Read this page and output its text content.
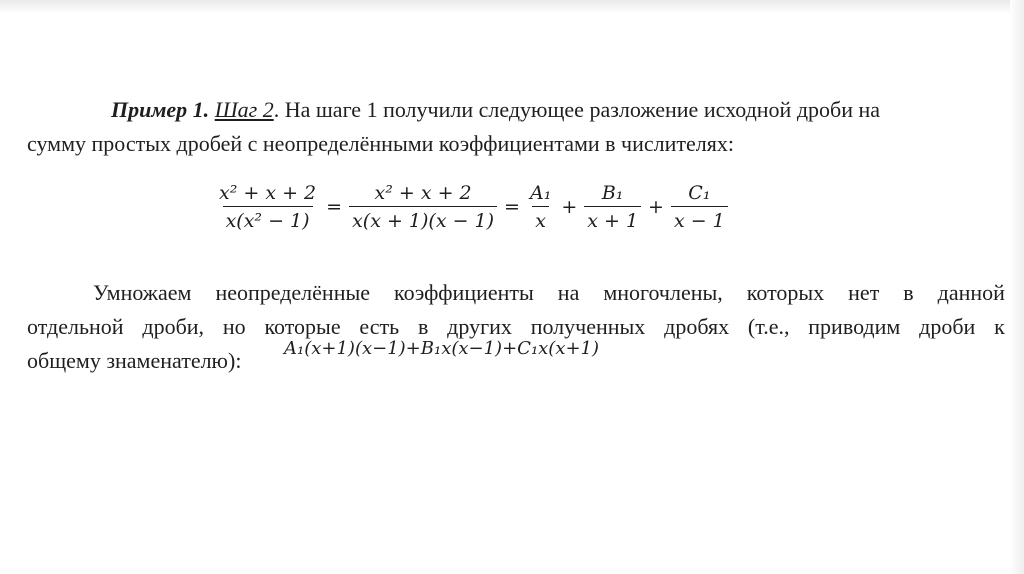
Пример 1. Шаг 2. На шаге 1 получили следующее разложение исходной дроби на
сумму простых дробей с неопределёнными коэффициентами в числителях:

$\frac{\text{x² + x + 2}}{\text{x(x² − 1)}} = \frac{\text{x² + x + 2}}{x(x + 1)(x - 1)} = \frac{\text{A₁}}{x} + \frac{\text{B₁}}{x + 1} + \frac{\text{C₁}}{x - 1}$

Умножаем неопределённые коэффициенты на многочлены, которых нет в данной
отдельной дроби, но которые есть в других полученных дробях (т.е., приводим дроби к
общему знаменателю):	A₁(x+1)(x−1)+B₁x(x−1)+C₁x(x+1)
